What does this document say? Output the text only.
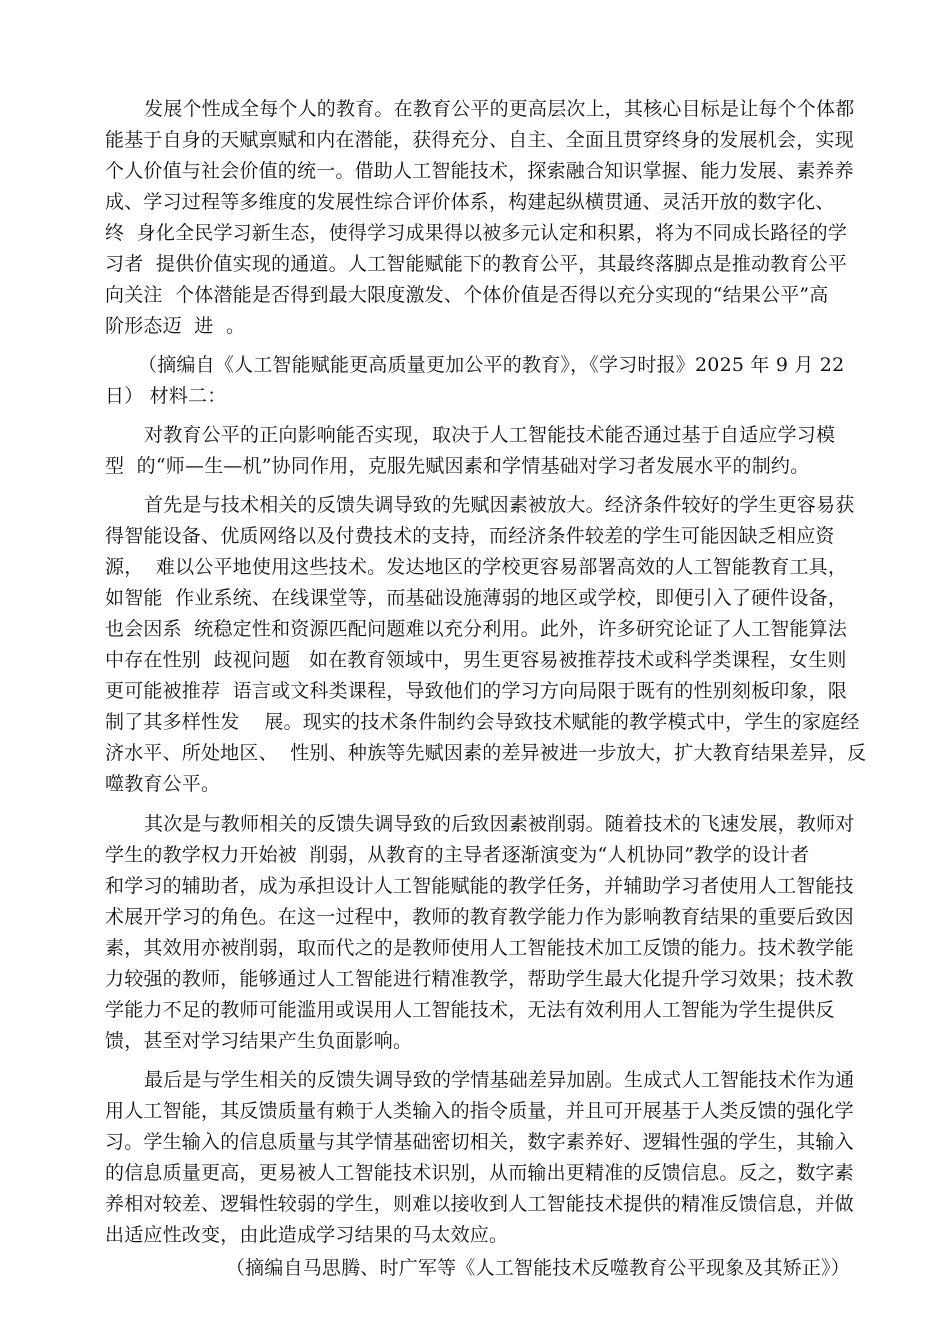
发展个性成全每个人的教育。在教育公平的更高层次上，其核心目标是让每个个体都
能基于自身的天赋禀赋和内在潜能，获得充分、自主、全面且贯穿终身的发展机会，实现
个人价值与社会价值的统一。借助人工智能技术，探索融合知识掌握、能力发展、素养养
成、学习过程等多维度的发展性综合评价体系，构建起纵横贯通、灵活开放的数字化、
终  身化全民学习新生态，使得学习成果得以被多元认定和积累，将为不同成长路径的学
习者  提供价值实现的通道。人工智能赋能下的教育公平，其最终落脚点是推动教育公平
向关注  个体潜能是否得到最大限度激发、个体价值是否得以充分实现的“结果公平”高
阶形态迈  进  。
（摘编自《人工智能赋能更高质量更加公平的教育》，《学习时报》2025 年 9 月 22
日） 材料二：
对教育公平的正向影响能否实现，取决于人工智能技术能否通过基于自适应学习模
型  的“师—生—机”协同作用，克服先赋因素和学情基础对学习者发展水平的制约。
首先是与技术相关的反馈失调导致的先赋因素被放大。经济条件较好的学生更容易获
得智能设备、优质网络以及付费技术的支持，而经济条件较差的学生可能因缺乏相应资
源，  难以公平地使用这些技术。发达地区的学校更容易部署高效的人工智能教育工具，
如智能  作业系统、在线课堂等，而基础设施薄弱的地区或学校，即便引入了硬件设备，
也会因系  统稳定性和资源匹配问题难以充分利用。此外，许多研究论证了人工智能算法
中存在性别  歧视问题   如在教育领域中，男生更容易被推荐技术或科学类课程，女生则
更可能被推荐  语言或文科类课程，导致他们的学习方向局限于既有的性别刻板印象，限
制了其多样性发    展。现实的技术条件制约会导致技术赋能的教学模式中，学生的家庭经
济水平、所处地区、  性别、种族等先赋因素的差异被进一步放大，扩大教育结果差异，反
噬教育公平。
其次是与教师相关的反馈失调导致的后致因素被削弱。随着技术的飞速发展，教师对
学生的教学权力开始被  削弱，从教育的主导者逐渐演变为“人机协同”教学的设计者
和学习的辅助者，成为承担设计人工智能赋能的教学任务，并辅助学习者使用人工智能技
术展开学习的角色。在这一过程中，教师的教育教学能力作为影响教育结果的重要后致因
素，其效用亦被削弱，取而代之的是教师使用人工智能技术加工反馈的能力。技术教学能
力较强的教师，能够通过人工智能进行精准教学，帮助学生最大化提升学习效果；技术教
学能力不足的教师可能滥用或误用人工智能技术，无法有效利用人工智能为学生提供反
馈，甚至对学习结果产生负面影响。
最后是与学生相关的反馈失调导致的学情基础差异加剧。生成式人工智能技术作为通
用人工智能，其反馈质量有赖于人类输入的指令质量，并且可开展基于人类反馈的强化学
习。学生输入的信息质量与其学情基础密切相关，数字素养好、逻辑性强的学生，其输入
的信息质量更高，更易被人工智能技术识别，从而输出更精准的反馈信息。反之，数字素
养相对较差、逻辑性较弱的学生，则难以接收到人工智能技术提供的精准反馈信息，并做
出适应性改变，由此造成学习结果的马太效应。
（摘编自马思腾、时广军等《人工智能技术反噬教育公平现象及其矫正》）
